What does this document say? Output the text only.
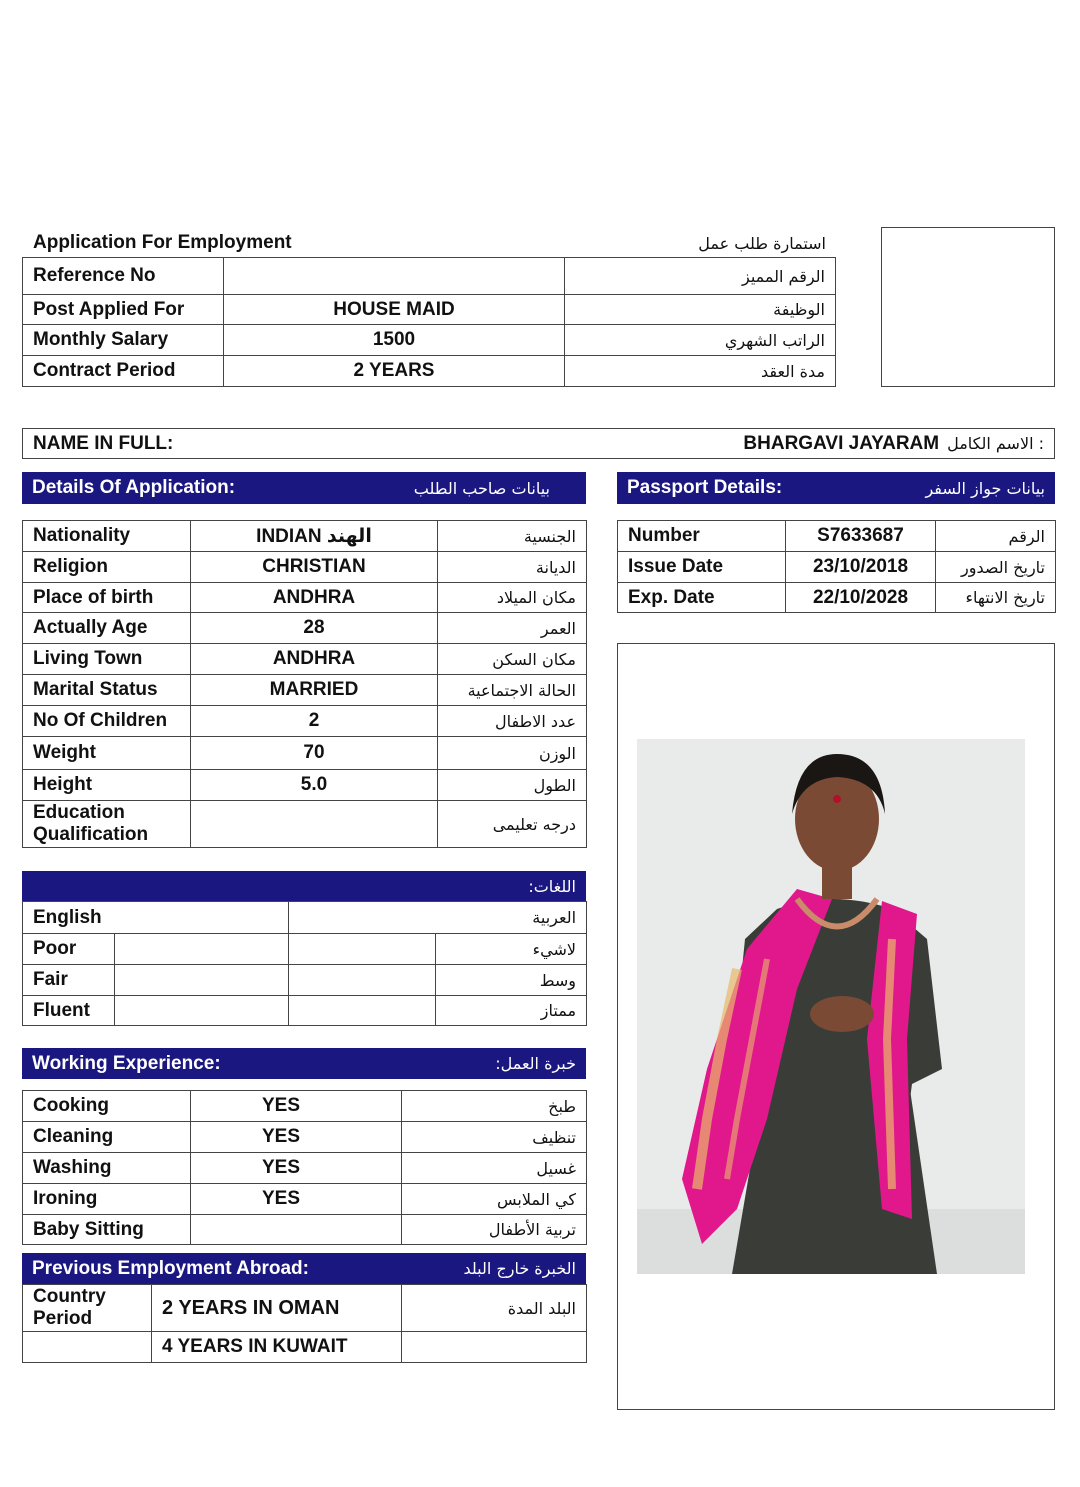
Application For Employment	استمارة طلب عمل
Reference No		الرقم المميز
Post Applied For	HOUSE MAID	الوظيفة
Monthly Salary	1500	الراتب الشهري
Contract Period	2 YEARS	مدة العقد
NAME IN FULL:	BHARGAVI JAYARAM : الاسم الكامل
Details Of Application:	بيانات صاحب الطلب	Passport Details:	بيانات جواز السفر
Nationality	INDIAN الهند	الجنسية
Religion	CHRISTIAN	الديانة
Place of birth	ANDHRA	مكان الميلاد
Actually Age	28	العمر
Living Town	ANDHRA	مكان السكن
Marital Status	MARRIED	الحالة الاجتماعية
No Of Children	2	عدد الاطفال
Weight	70	الوزن
Height	5.0	الطول
Education Qualification		درجه تعليمى
Number	S7633687	الرقم
Issue Date	23/10/2018	تاريخ الصدور
Exp. Date	22/10/2028	تاريخ الانتهاء
اللغات:
English		العربية	
Poor			لاشيء
Fair			وسط
Fluent			ممتاز
Working Experience:	خبرة العمل:
Cooking	YES	طبخ
Cleaning	YES	تنظيف
Washing	YES	غسيل
Ironing	YES	كي الملابس
Baby Sitting		تربية الأطفال
Previous Employment Abroad:	الخبرة خارج البلد
Country Period	2 YEARS IN OMAN	البلد المدة
	4 YEARS IN KUWAIT	
